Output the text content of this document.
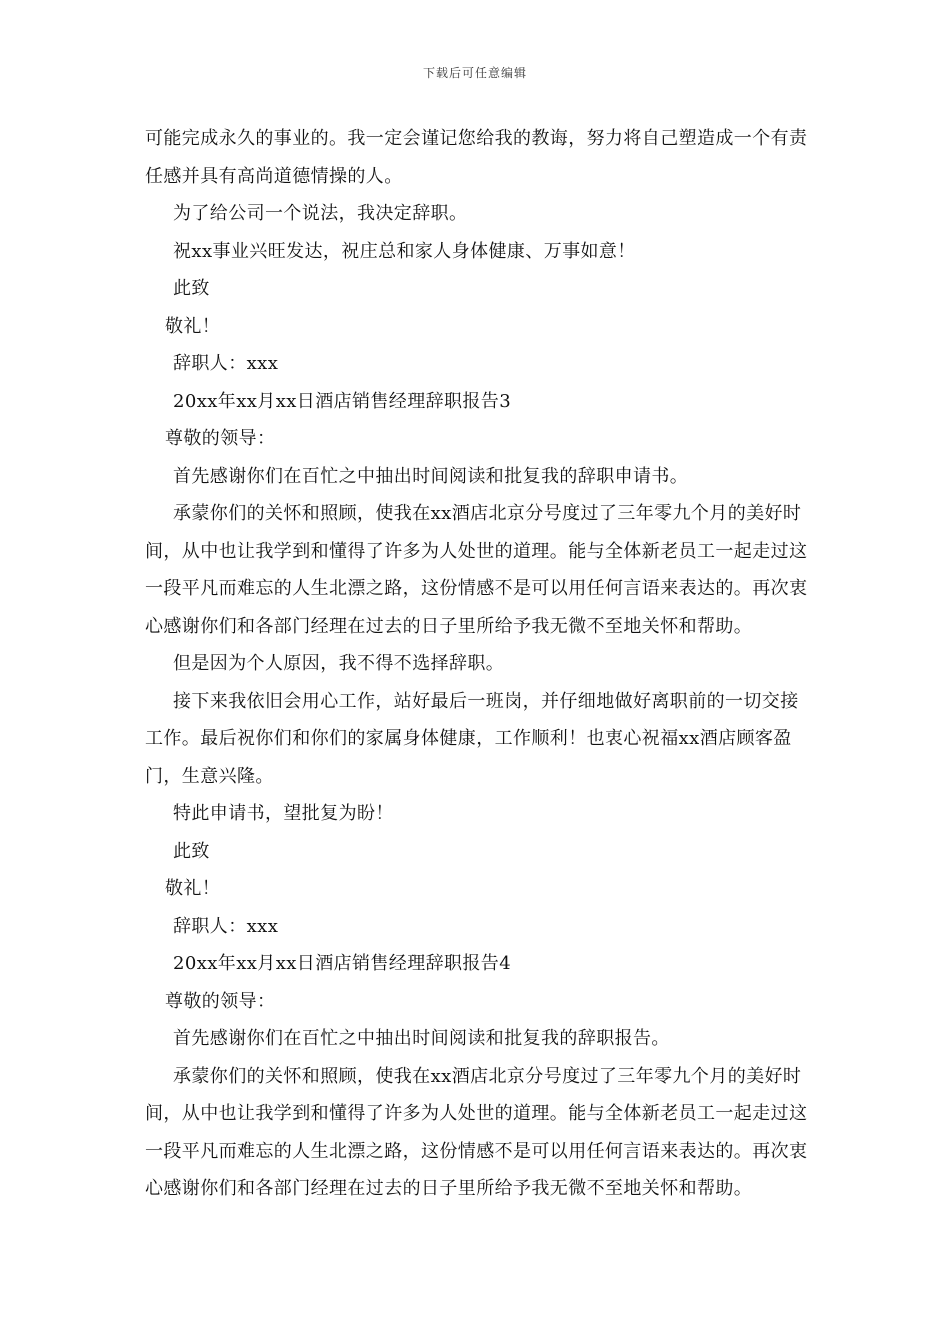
下载后可任意编辑

可能完成永久的事业的。我一定会谨记您给我的教诲，努力将自己塑造成一个有责任感并具有高尚道德情操的人。

为了给公司一个说法，我决定辞职。

祝xx事业兴旺发达，祝庄总和家人身体健康、万事如意！

此致

敬礼！

辞职人：xxx

20xx年xx月xx日酒店销售经理辞职报告3

尊敬的领导：

首先感谢你们在百忙之中抽出时间阅读和批复我的辞职申请书。

承蒙你们的关怀和照顾，使我在xx酒店北京分号度过了三年零九个月的美好时间，从中也让我学到和懂得了许多为人处世的道理。能与全体新老员工一起走过这一段平凡而难忘的人生北漂之路，这份情感不是可以用任何言语来表达的。再次衷心感谢你们和各部门经理在过去的日子里所给予我无微不至地关怀和帮助。

但是因为个人原因，我不得不选择辞职。

接下来我依旧会用心工作，站好最后一班岗，并仔细地做好离职前的一切交接工作。最后祝你们和你们的家属身体健康，工作顺利！也衷心祝福xx酒店顾客盈门，生意兴隆。

特此申请书，望批复为盼！

此致

敬礼！

辞职人：xxx

20xx年xx月xx日酒店销售经理辞职报告4

尊敬的领导：

首先感谢你们在百忙之中抽出时间阅读和批复我的辞职报告。

承蒙你们的关怀和照顾，使我在xx酒店北京分号度过了三年零九个月的美好时间，从中也让我学到和懂得了许多为人处世的道理。能与全体新老员工一起走过这一段平凡而难忘的人生北漂之路，这份情感不是可以用任何言语来表达的。再次衷心感谢你们和各部门经理在过去的日子里所给予我无微不至地关怀和帮助。
